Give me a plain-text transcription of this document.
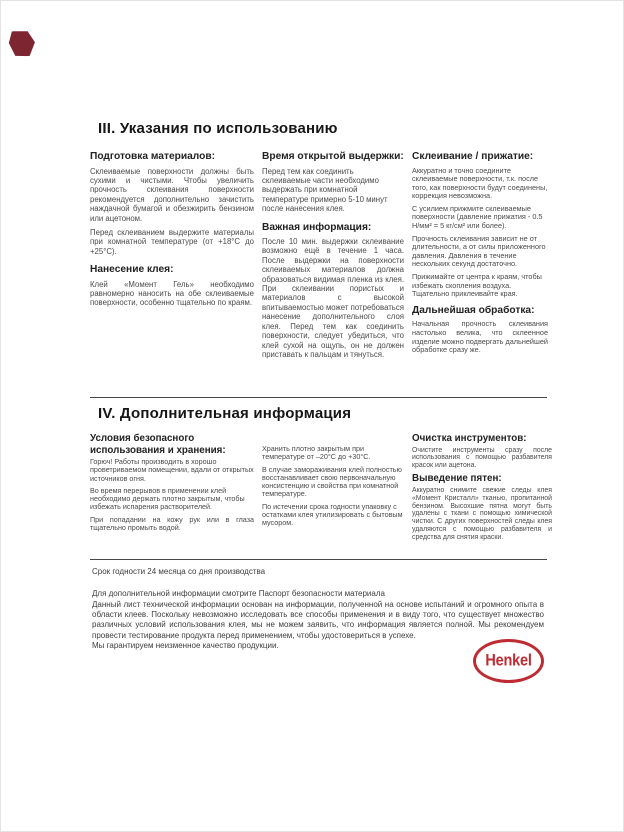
III. Указания по использованию
Подготовка материалов:

Склеиваемые поверхности должны быть сухими и чистыми. Чтобы увеличить прочность склеивания поверхности рекомендуется дополнительно зачистить наждачной бумагой и обезжирить бензином или ацетоном.

Перед склеиванием выдержите материалы при комнатной температуре (от +18°С до +25°С).

Нанесение клея:

Клей «Момент Гель» необходимо равномерно наносить на обе склеиваемые поверхности, особенно тщательно по краям.

Время открытой выдержки:

Перед тем как соединить склеиваемые части необходимо выдержать при комнатной температуре примерно 5-10 минут после нанесения клея.

Важная информация:

После 10 мин. выдержки склеивание возможно ещё в течение 1 часа. После выдержки на поверхности склеиваемых материалов должна образоваться видимая пленка из клея. При склеивании пористых и материалов с высокой впитываемостью может потребоваться нанесение дополнительного слоя клея. Перед тем как соединить поверхности, следует убедиться, что клей сухой на ощупь, он не должен приставать к пальцам и тянуться.

Склеивание / прижатие:

Аккуратно и точно соедините склеиваемые поверхности, т.к. после того, как поверхности будут соединены, коррекция невозможна.

С усилием прижмите склеиваемые поверхности (давление прижатия - 0.5 Н/мм² = 5 кг/см² или более).

Прочность склеивания зависит не от длительности, а от силы приложенного давления. Давления в течение нескольких секунд достаточно.

Прижимайте от центра к краям, чтобы избежать скопления воздуха. Тщательно приклеивайте края.

Дальнейшая обработка:

Начальная прочность склеивания настолько велика, что склеенное изделие можно подвергать дальнейшей обработке сразу же.

IV. Дополнительная информация
Условия безопасного использования и хранения:

Горюч! Работы производить в хорошо проветриваемом помещении, вдали от открытых источников огня.

Во время перерывов в применении клей необходимо держать плотно закрытым, чтобы избежать испарения растворителей.

При попадании на кожу рук или в глаза тщательно промыть водой.

Хранить плотно закрытым при температуре от –20°С до +30°С.

В случае замораживания клей полностью восстанавливает свою первоначальную консистенцию и свойства при комнатной температуре.

По истечении срока годности упаковку с остатками клея утилизировать с бытовым мусором.

Очистка инструментов:

Очистите инструменты сразу после использования с помощью разбавителя красок или ацетона.

Выведение пятен:

Аккуратно снимите свежие следы клея «Момент Кристалл» тканью, пропитанной бензином. Высохшие пятна могут быть удалены с ткани с помощью химической чистки. С других поверхностей следы клея удаляются с помощью разбавителя и средства для снятия краски.

Срок годности 24 месяца со дня производства

Для дополнительной информации смотрите Паспорт безопасности материала

Данный лист технической информации основан на информации, полученной на основе испытаний и огромного опыта в области клеев. Поскольку невозможно исследовать все способы применения и в виду того, что существует множество различных условий использования клея, мы не можем заявить, что информация является полной. Мы рекомендуем провести тестирование продукта перед применением, чтобы удостовериться в успехе.

Мы гарантируем неизменное качество продукции.

Henkel
